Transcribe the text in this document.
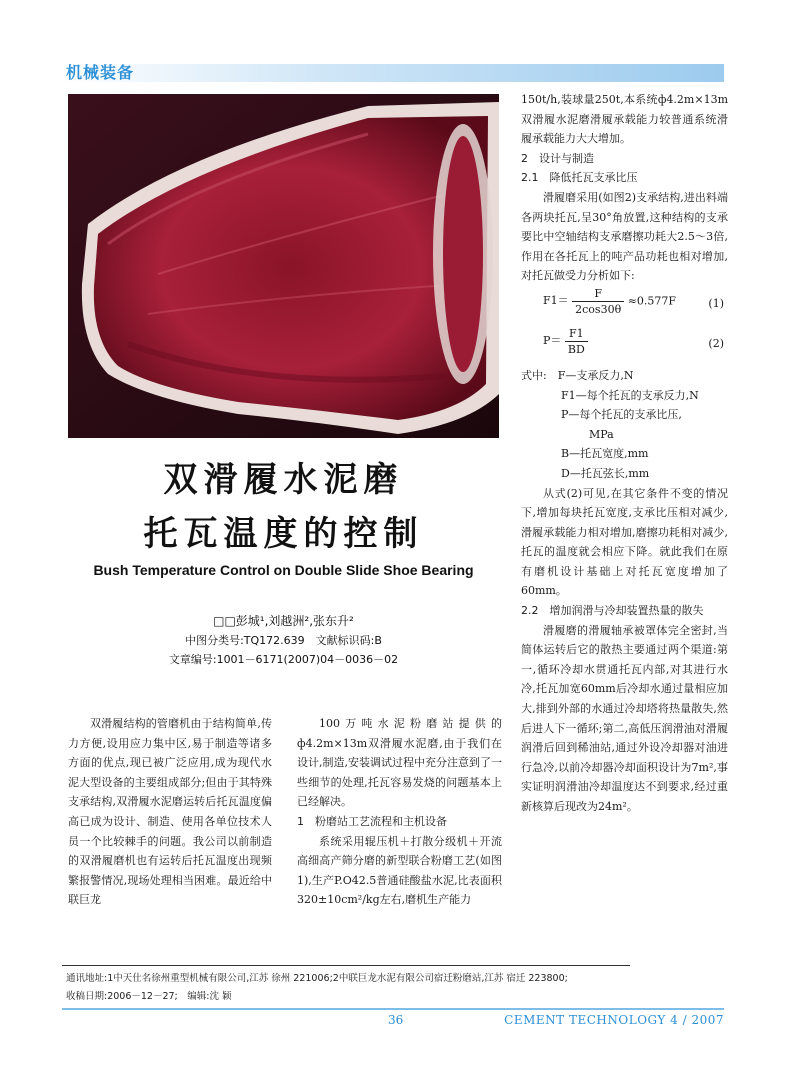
机械装备
双滑履水泥磨
托瓦温度的控制
Bush Temperature Control on Double Slide Shoe Bearing
□□彭城¹,刘越洲²,张东升²
中图分类号:TQ172.639　文献标识码:B
文章编号:1001－6171(2007)04－0036－02

双滑履结构的管磨机由于结构简单,传力方便,设用应力集中区,易于制造等诸多方面的优点,现已被广泛应用,成为现代水泥大型设备的主要组成部分;但由于其特殊支承结构,双滑履水泥磨运转后托瓦温度偏高已成为设计、制造、使用各单位技术人员一个比较棘手的问题。我公司以前制造的双滑履磨机也有运转后托瓦温度出现频繁报警情况,现场处理相当困难。最近给中联巨龙

100万吨水泥粉磨站提供的ф4.2m×13m双滑履水泥磨,由于我们在设计,制造,安装调试过程中充分注意到了一些细节的处理,托瓦容易发烧的问题基本上已经解决。

1　粉磨站工艺流程和主机设备

系统采用辊压机＋打散分级机＋开流高细高产筛分磨的新型联合粉磨工艺(如图1),生产P.O42.5普通硅酸盐水泥,比表面积320±10cm²/kg左右,磨机生产能力

150t/h,装球量250t,本系统ф4.2m×13m双滑履水泥磨滑履承载能力较普通系统滑履承载能力大大增加。

2　设计与制造

2.1　降低托瓦支承比压

滑履磨采用(如图2)支承结构,进出料端各两块托瓦,呈30°角放置,这种结构的支承要比中空轴结构支承磨擦功耗大2.5～3倍,作用在各托瓦上的吨产品功耗也相对增加,对托瓦做受力分析如下:

$F1= \frac{F}{2\cos 30\theta} \approx 0.577F$	(1)
$P= \frac{F1}{BD}$	(2)

式中:　F—支承反力,N

F1—每个托瓦的支承反力,N

P—每个托瓦的支承比压,

MPa

B—托瓦宽度,mm

D—托瓦弦长,mm

从式(2)可见,在其它条件不变的情况下,增加每块托瓦宽度,支承比压相对减少,滑履承载能力相对增加,磨擦功耗相对减少,托瓦的温度就会相应下降。就此我们在原有磨机设计基础上对托瓦宽度增加了60mm。

2.2　增加润滑与冷却装置热量的散失

滑履磨的滑履轴承被罩体完全密封,当简体运转后它的散热主要通过两个渠道:第一,循环冷却水贯通托瓦内部,对其进行水冷,托瓦加宽60mm后冷却水通过量相应加大,排到外部的水通过冷却塔将热量散失,然后进人下一循环;第二,高低压润滑油对滑履润滑后回到稀油站,通过外设冷却器对油进行急冷,以前冷却器冷却面积设计为7m²,事实证明润滑油冷却温度达不到要求,经过重新核算后现改为24m²。

通讯地址:1中天仕名徐州重型机械有限公司,江苏 徐州 221006;2中联巨龙水泥有限公司宿迁粉磨站,江苏 宿迁 223800;
收稿日期:2006－12－27;　编辑:沈 颖
36	CEMENT TECHNOLOGY 4 / 2007
